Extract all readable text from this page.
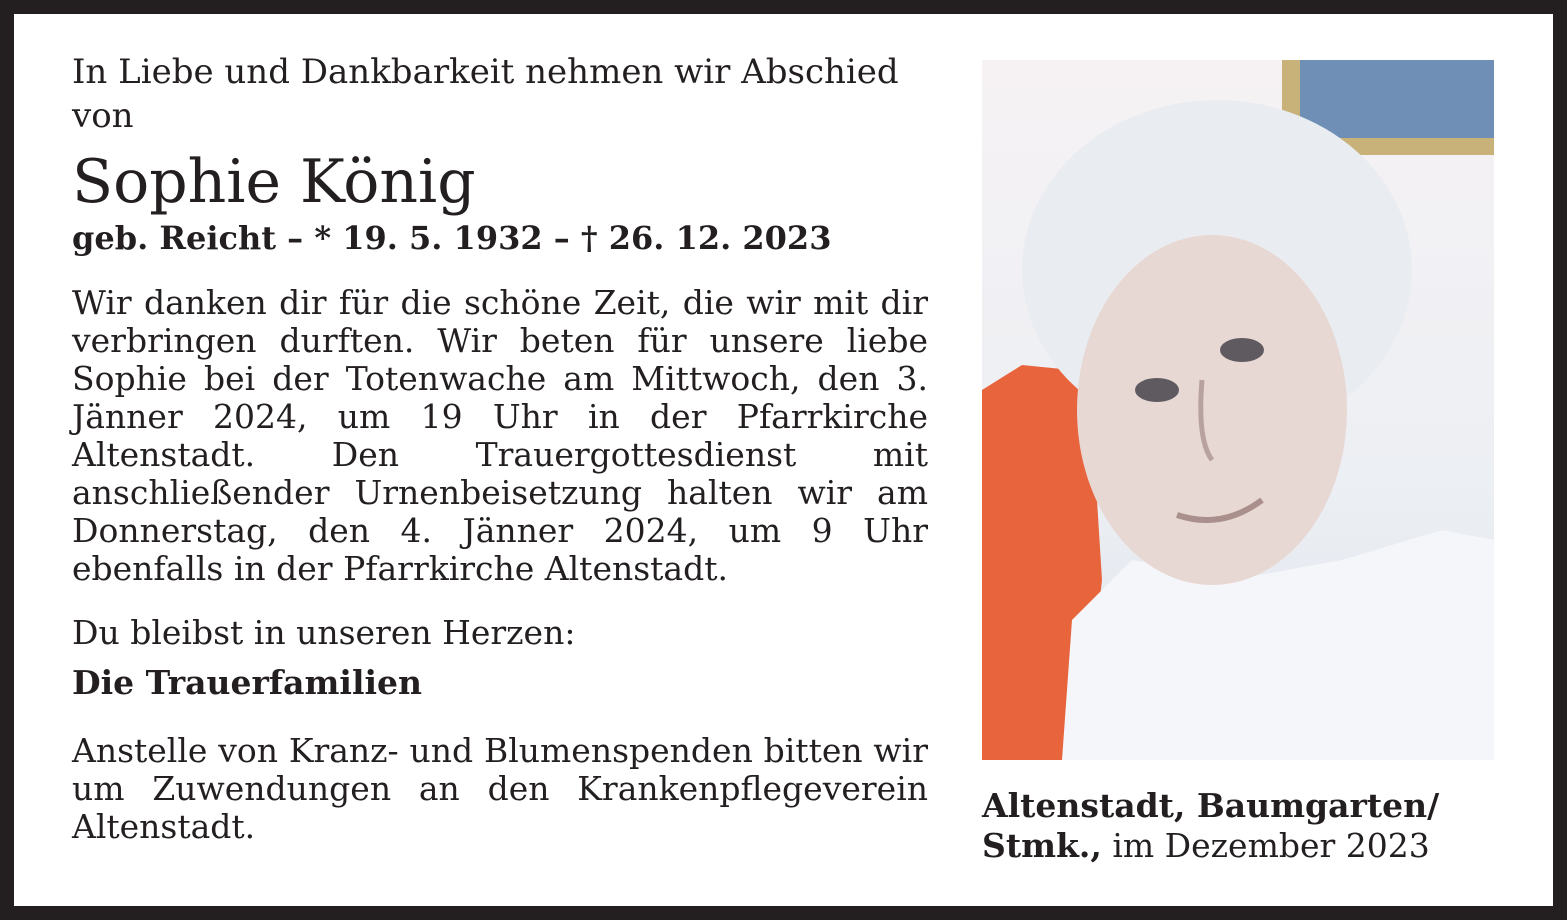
In Liebe und Dankbarkeit nehmen wir Abschied von

Sophie König

geb. Reicht – * 19. 5. 1932 – † 26. 12. 2023

Wir danken dir für die schöne Zeit, die wir mit dir verbringen durften. Wir beten für unsere liebe Sophie bei der Totenwache am Mittwoch, den 3. Jänner 2024, um 19 Uhr in der Pfarrkirche Altenstadt. Den Trauergottesdienst mit anschließender Urnenbeisetzung halten wir am Donnerstag, den 4. Jänner 2024, um 9 Uhr ebenfalls in der Pfarrkirche Altenstadt.

Du bleibst in unseren Herzen:

Die Trauerfamilien

Anstelle von Kranz- und Blumenspenden bitten wir um Zuwendungen an den Krankenpflegeverein Altenstadt.

Altenstadt, Baumgarten/ Stmk., im Dezember 2023
